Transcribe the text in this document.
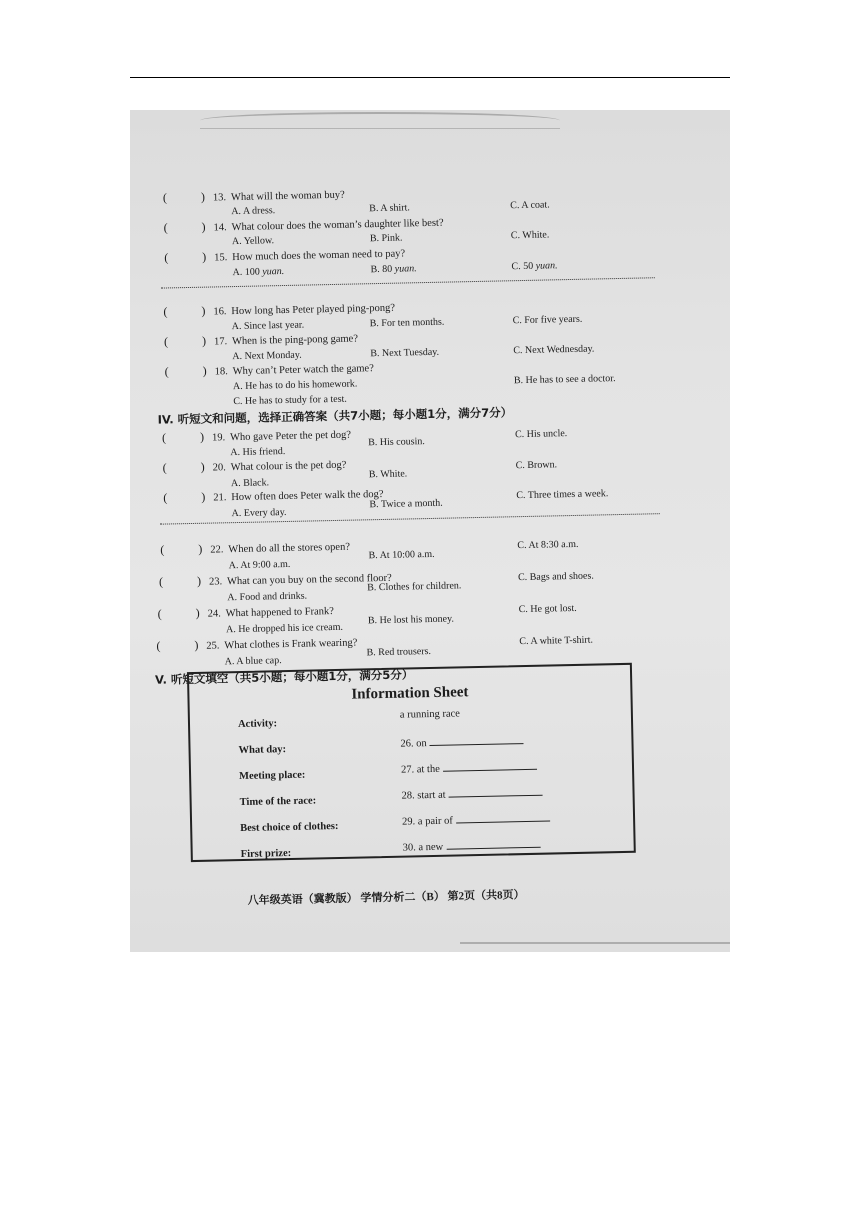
(	) 13. What will the woman buy?
A. A dress.	B. A shirt.	C. A coat.
(	) 14. What colour does the woman’s daughter like best?
A. Yellow.	B. Pink.	C. White.
(	) 15. How much does the woman need to pay?
A. 100 yuan.	B. 80 yuan.	C. 50 yuan.
(	) 16. How long has Peter played ping-pong?
A. Since last year.	B. For ten months.	C. For five years.
(	) 17. When is the ping-pong game?
A. Next Monday.	B. Next Tuesday.	C. Next Wednesday.
(	) 18. Why can’t Peter watch the game?
A. He has to do his homework.	B. He has to see a doctor.
C. He has to study for a test.
IV. 听短文和问题，选择正确答案（共7小题；每小题1分，满分7分）
(	) 19. Who gave Peter the pet dog?
A. His friend.
B. His cousin.
C. His uncle.
(	) 20. What colour is the pet dog?
A. Black.
B. White.
C. Brown.
(	) 21. How often does Peter walk the dog?
A. Every day.
B. Twice a month.
C. Three times a week.
(	) 22. When do all the stores open?
A. At 9:00 a.m.
B. At 10:00 a.m.
C. At 8:30 a.m.
(	) 23. What can you buy on the second floor?
A. Food and drinks.
B. Clothes for children.
C. Bags and shoes.
(	) 24. What happened to Frank?
A. He dropped his ice cream.
B. He lost his money.
C. He got lost.
(	) 25. What clothes is Frank wearing?
A. A blue cap.
B. Red trousers.
C. A white T-shirt.
V. 听短文填空（共5小题；每小题1分，满分5分）
Information Sheet
Activity:
a running race
What day:
26. on
Meeting place:	27. at the
Time of the race:	28. start at
Best choice of clothes:	29. a pair of
First prize:
30. a new
八年级英语（冀教版） 学情分析二（B） 第2页（共8页）
